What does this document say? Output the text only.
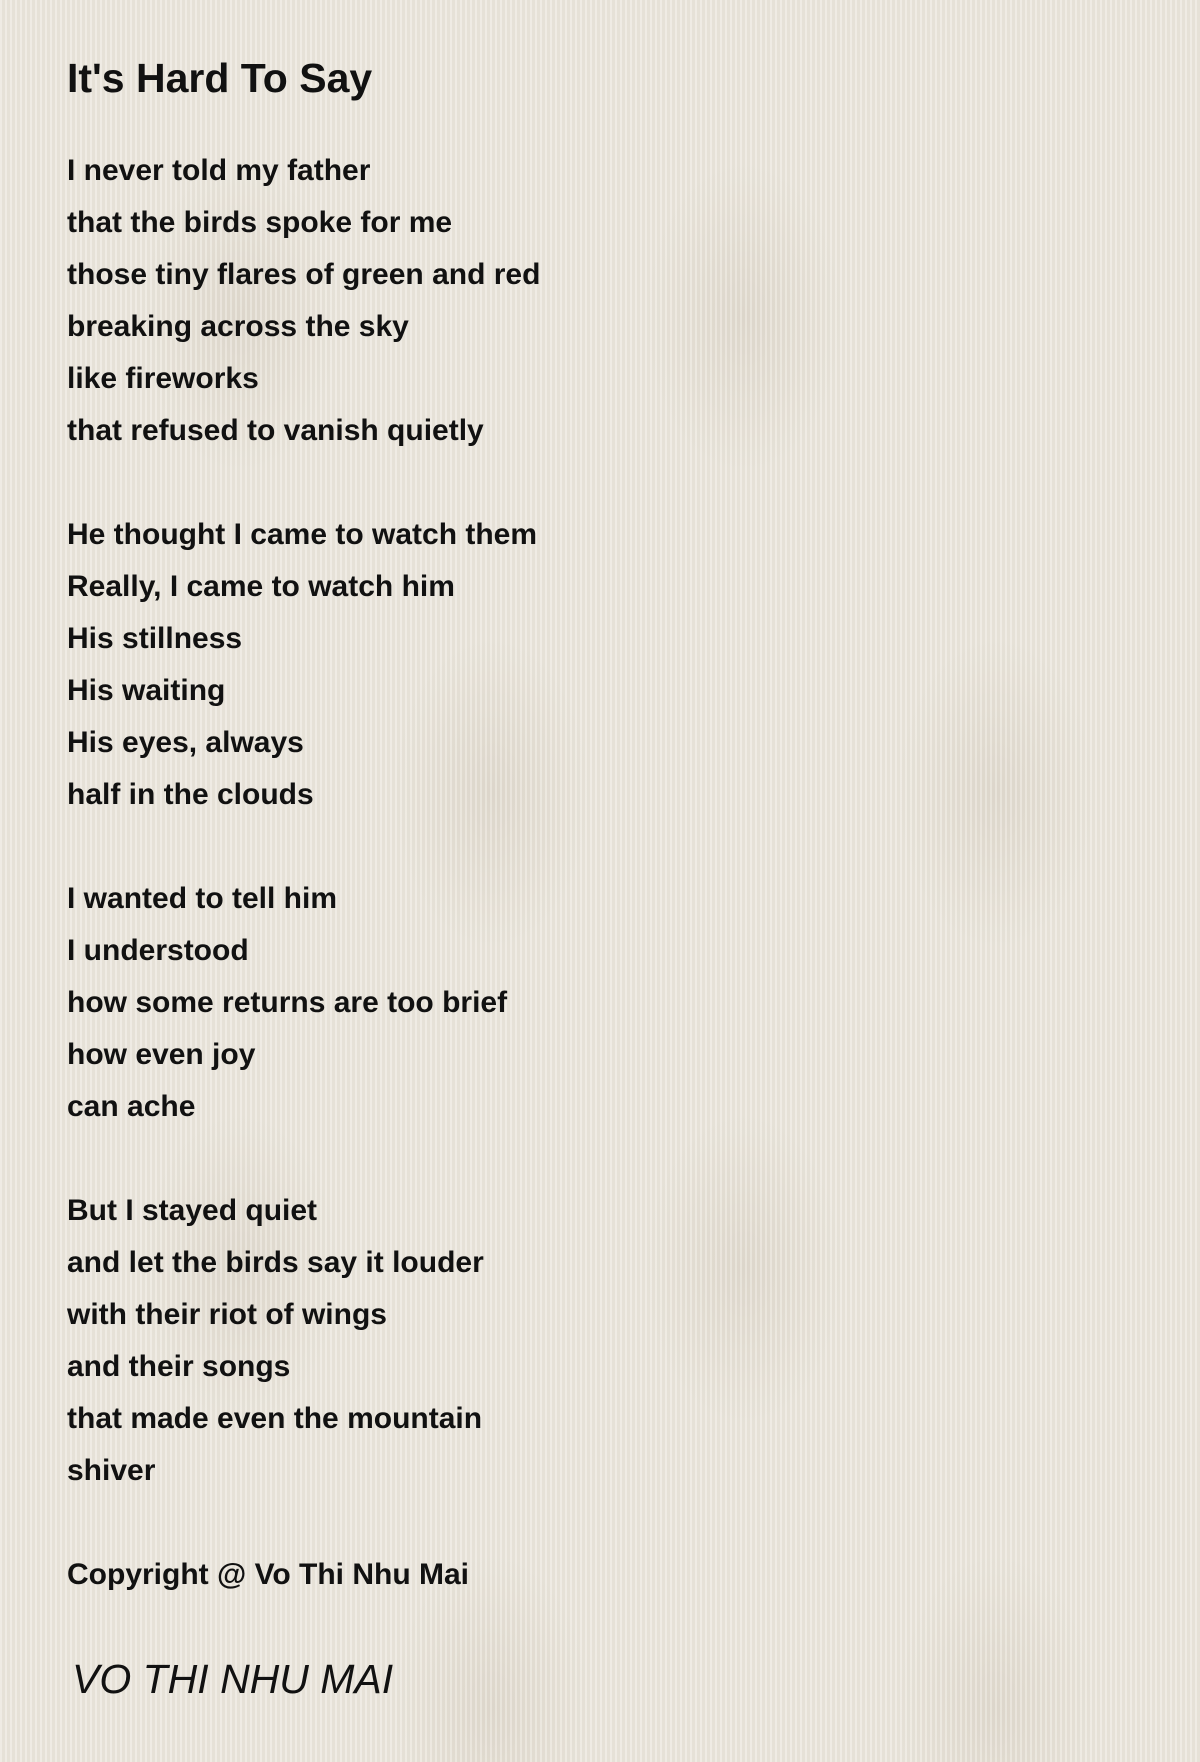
It's Hard To Say
I never told my father
that the birds spoke for me
those tiny flares of green and red
breaking across the sky
like fireworks
that refused to vanish quietly
He thought I came to watch them
Really, I came to watch him
His stillness
His waiting
His eyes, always
half in the clouds
I wanted to tell him
I understood
how some returns are too brief
how even joy
can ache
But I stayed quiet
and let the birds say it louder
with their riot of wings
and their songs
that made even the mountain
shiver
Copyright @ Vo Thi Nhu Mai
VO THI NHU MAI
